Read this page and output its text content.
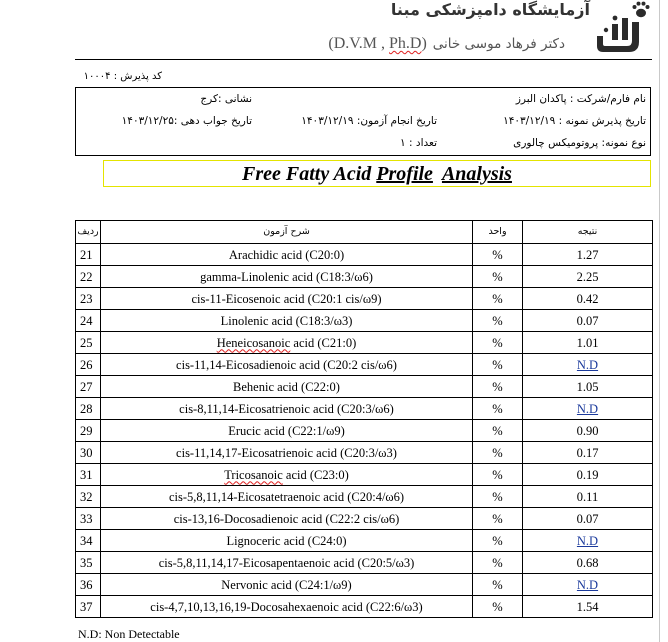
آزمایشگاه دامپزشکی مبنا
دکتر فرهاد موسی خانی
(D.V.M , Ph.D)
کد پذیرش : ۱۰۰۰۴
نام فارم/شرکت : پاکدان البرز
نشانی :کرج
تاریخ پذیرش نمونه : ۱۴۰۳/۱۲/۱۹
تاریخ انجام آزمون: ۱۴۰۳/۱۲/۱۹
تاریخ جواب دهی :۱۴۰۳/۱۲/۲۵
نوع نمونه: پروتومیکس چالوری
تعداد : ۱
Free Fatty Acid Profile Analysis
ردیف	شرح آزمون	واحد	نتیجه
21	Arachidic acid (C20:0)	%	1.27
22	gamma-Linolenic acid (C18:3/ω6)	%	2.25
23	cis-11-Eicosenoic acid (C20:1 cis/ω9)	%	0.42
24	Linolenic acid (C18:3/ω3)	%	0.07
25	Heneicosanoic acid (C21:0)	%	1.01
26	cis-11,14-Eicosadienoic acid (C20:2 cis/ω6)	%	N.D
27	Behenic acid (C22:0)	%	1.05
28	cis-8,11,14-Eicosatrienoic acid (C20:3/ω6)	%	N.D
29	Erucic acid (C22:1/ω9)	%	0.90
30	cis-11,14,17-Eicosatrienoic acid (C20:3/ω3)	%	0.17
31	Tricosanoic acid (C23:0)	%	0.19
32	cis-5,8,11,14-Eicosatetraenoic acid (C20:4/ω6)	%	0.11
33	cis-13,16-Docosadienoic acid (C22:2 cis/ω6)	%	0.07
34	Lignoceric acid (C24:0)	%	N.D
35	cis-5,8,11,14,17-Eicosapentaenoic acid (C20:5/ω3)	%	0.68
36	Nervonic acid (C24:1/ω9)	%	N.D
37	cis-4,7,10,13,16,19-Docosahexaenoic acid (C22:6/ω3)	%	1.54
N.D: Non Detectable
